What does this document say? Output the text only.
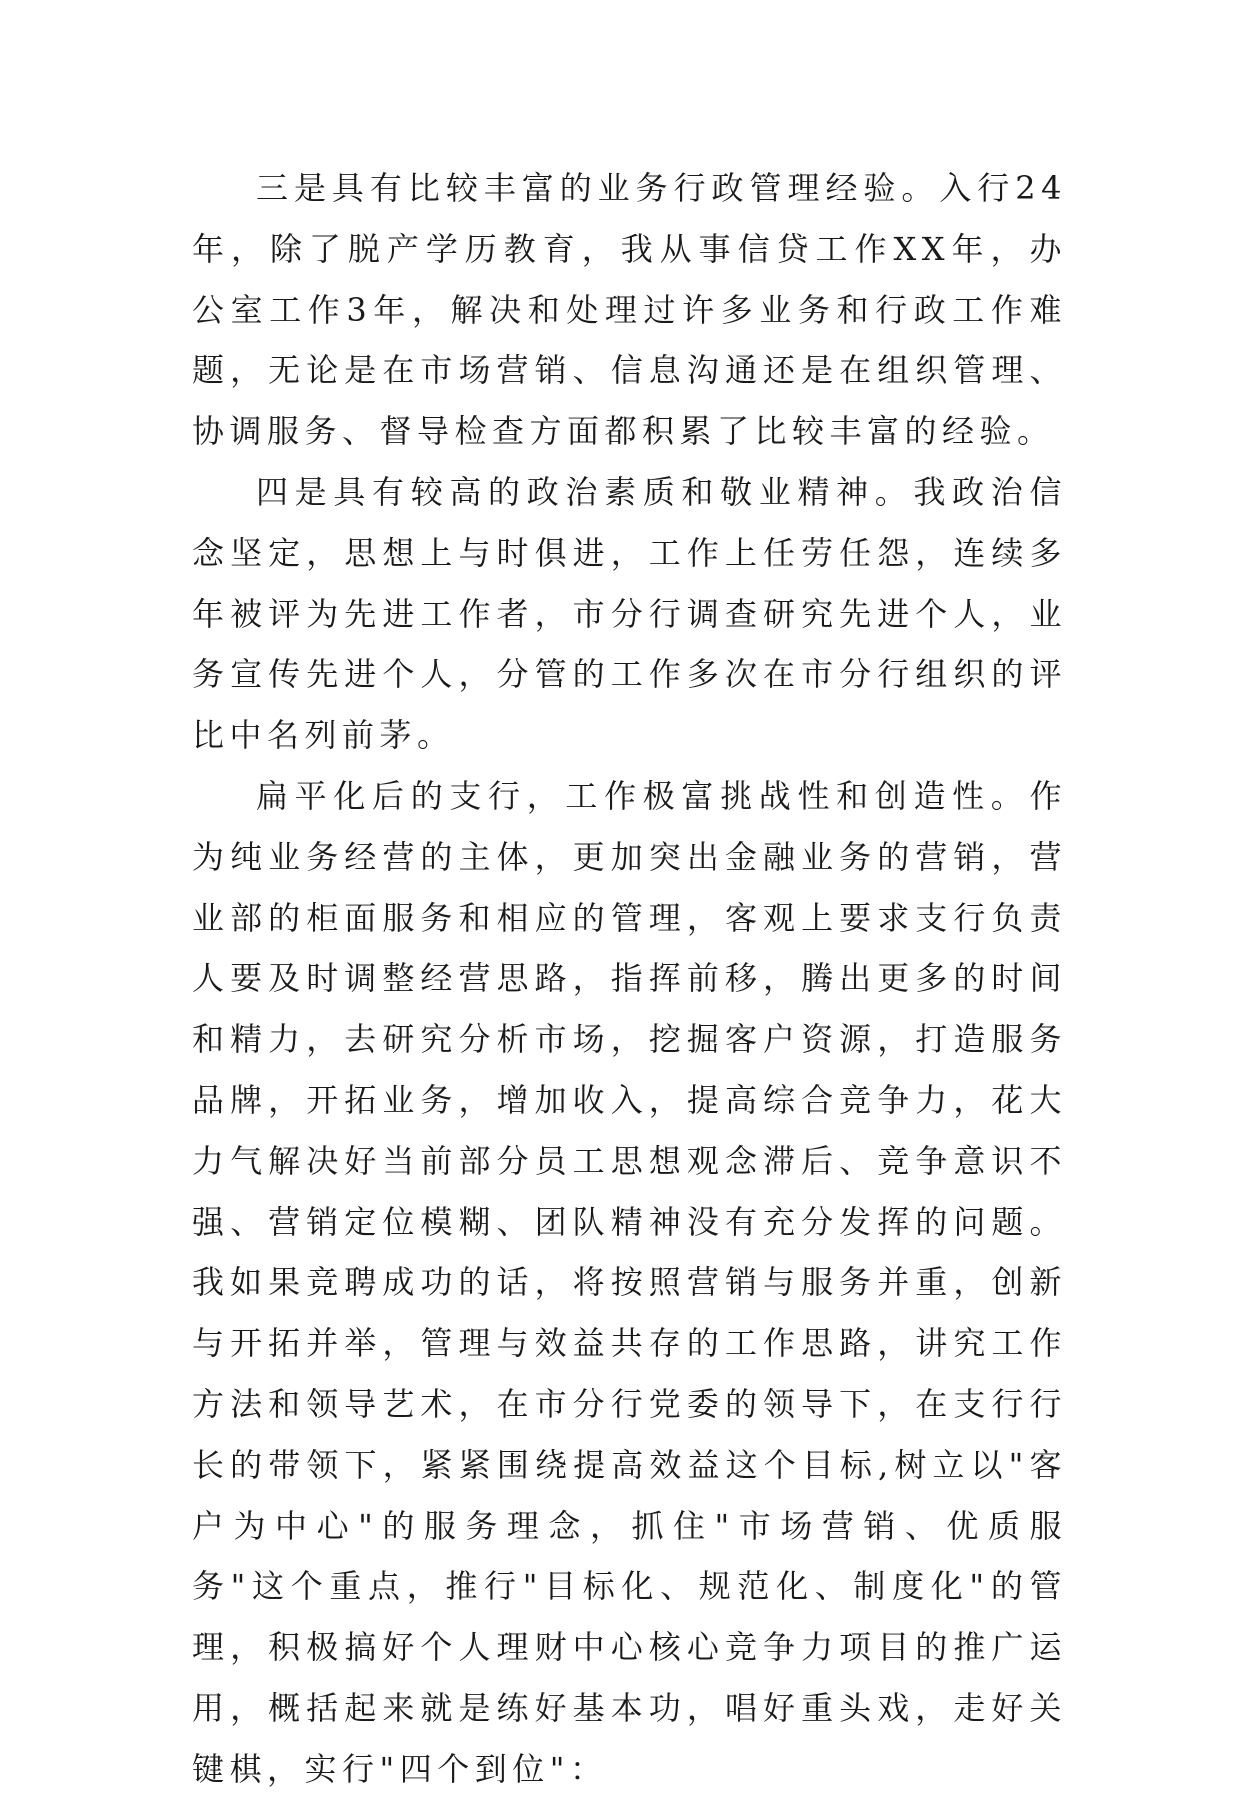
三是具有比较丰富的业务行政管理经验。入行24年，除了脱产学历教育，我从事信贷工作XX年，办公室工作3年，解决和处理过许多业务和行政工作难题，无论是在市场营销、信息沟通还是在组织管理、协调服务、督导检查方面都积累了比较丰富的经验。

四是具有较高的政治素质和敬业精神。我政治信念坚定，思想上与时俱进，工作上任劳任怨，连续多年被评为先进工作者，市分行调查研究先进个人，业务宣传先进个人，分管的工作多次在市分行组织的评比中名列前茅。

扁平化后的支行，工作极富挑战性和创造性。作为纯业务经营的主体，更加突出金融业务的营销，营业部的柜面服务和相应的管理，客观上要求支行负责人要及时调整经营思路，指挥前移，腾出更多的时间和精力，去研究分析市场，挖掘客户资源，打造服务品牌，开拓业务，增加收入，提高综合竞争力，花大力气解决好当前部分员工思想观念滞后、竞争意识不强、营销定位模糊、团队精神没有充分发挥的问题。我如果竞聘成功的话，将按照营销与服务并重，创新与开拓并举，管理与效益共存的工作思路，讲究工作方法和领导艺术，在市分行党委的领导下，在支行行长的带领下，紧紧围绕提高效益这个目标,树立以"客户为中心"的服务理念，抓住"市场营销、优质服务"这个重点，推行"目标化、规范化、制度化"的管理，积极搞好个人理财中心核心竞争力项目的推广运用，概括起来就是练好基本功，唱好重头戏，走好关键棋，实行"四个到位"：
